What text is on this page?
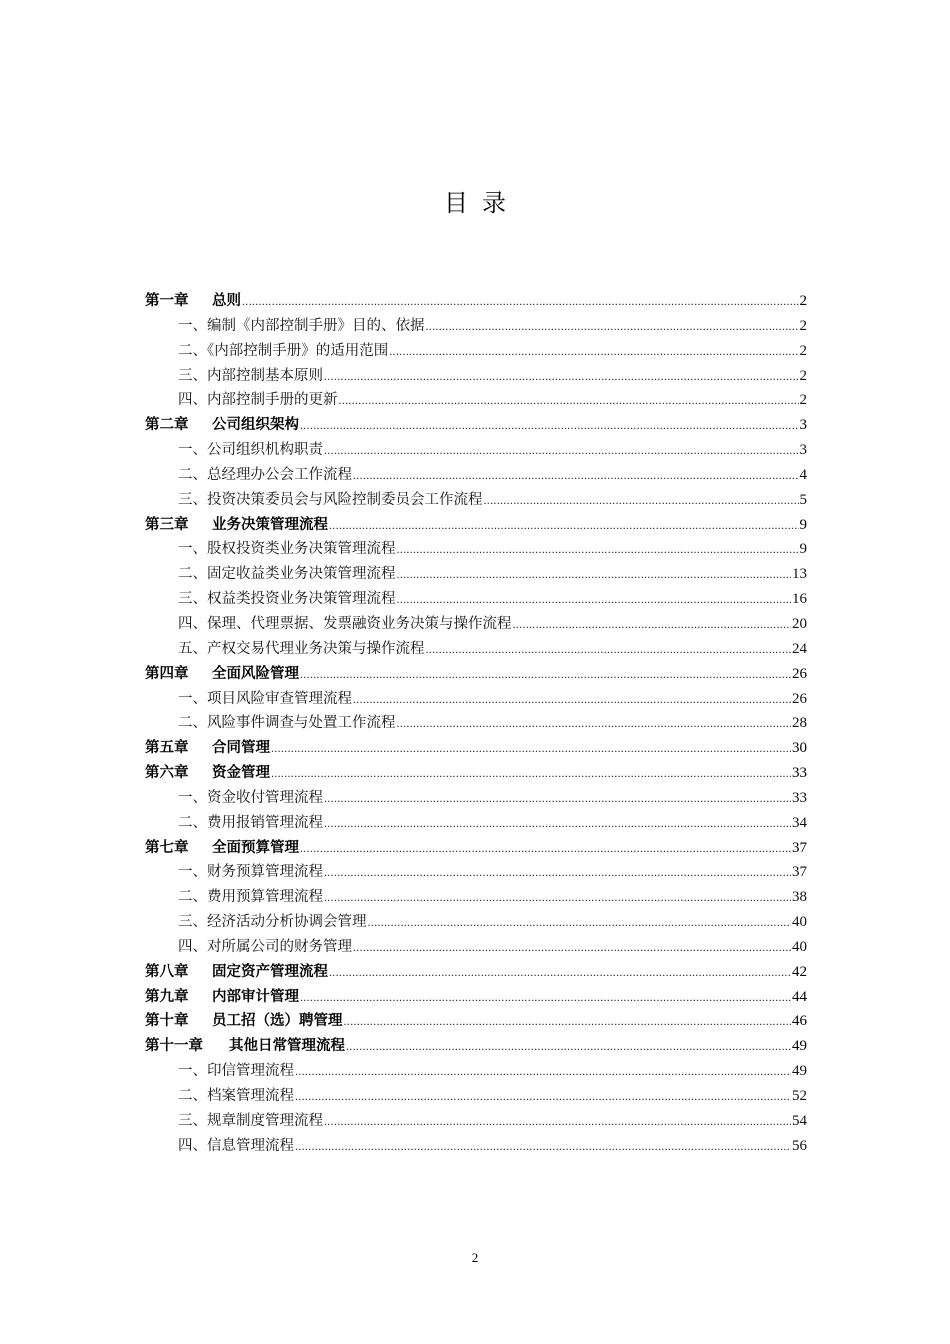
目录
第一章	总则 .....	2
一、编制《内部控制手册》目的、依据 .....	2
二、《内部控制手册》的适用范围 .....	2
三、内部控制基本原则 .....	2
四、内部控制手册的更新 .....	2
第二章	公司组织架构 .....	3
一、公司组织机构职责 .....	3
二、总经理办公会工作流程 .....	4
三、投资决策委员会与风险控制委员会工作流程 .....	5
第三章	业务决策管理流程 .....	9
一、股权投资类业务决策管理流程 .....	9
二、固定收益类业务决策管理流程 .....	13
三、权益类投资业务决策管理流程 .....	16
四、保理、代理票据、发票融资业务决策与操作流程 .....	20
五、产权交易代理业务决策与操作流程 .....	24
第四章	全面风险管理 .....	26
一、项目风险审查管理流程 .....	26
二、风险事件调查与处置工作流程 .....	28
第五章	合同管理 .....	30
第六章	资金管理 .....	33
一、资金收付管理流程 .....	33
二、费用报销管理流程 .....	34
第七章	全面预算管理 .....	37
一、财务预算管理流程 .....	37
二、费用预算管理流程 .....	38
三、经济活动分析协调会管理 .....	40
四、对所属公司的财务管理 .....	40
第八章	固定资产管理流程 .....	42
第九章	内部审计管理 .....	44
第十章	员工招（选）聘管理 .....	46
第十一章	其他日常管理流程 .....	49
一、印信管理流程 .....	49
二、档案管理流程 .....	52
三、规章制度管理流程 .....	54
四、信息管理流程 .....	56
2
